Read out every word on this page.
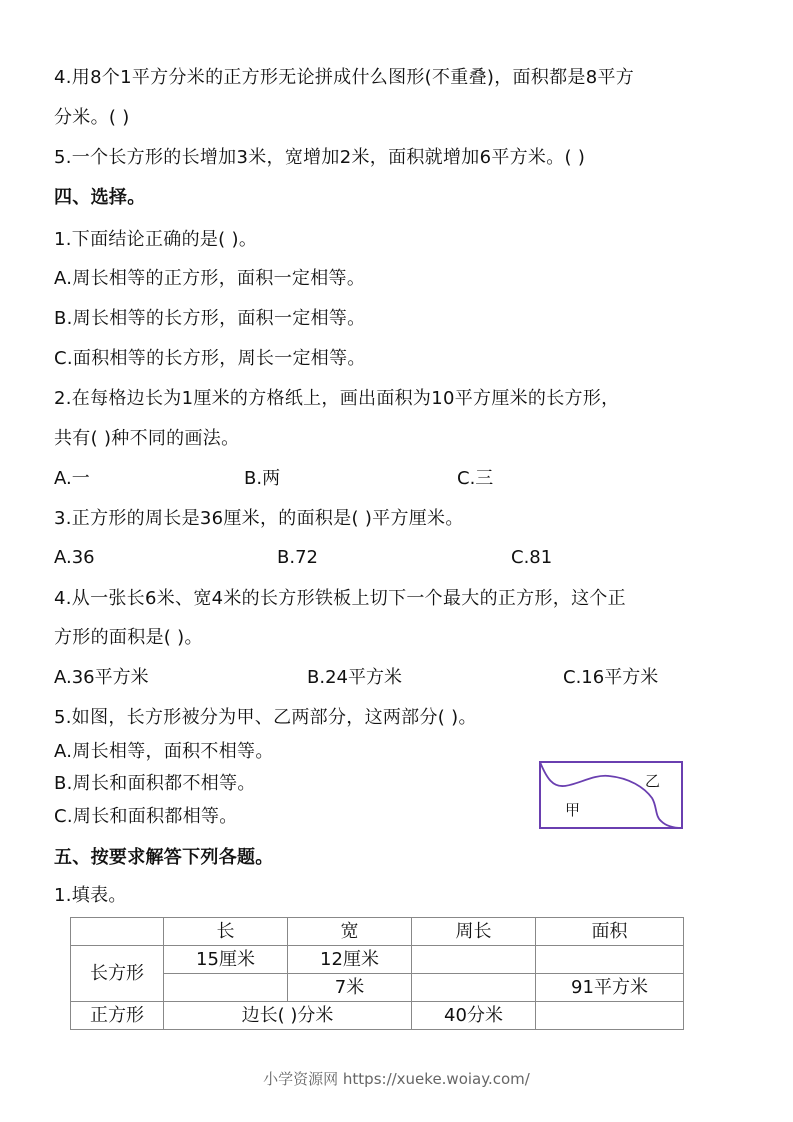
4.用8个1平方分米的正方形无论拼成什么图形(不重叠)，面积都是8平方
分米。( )
5.一个长方形的长增加3米，宽增加2米，面积就增加6平方米。( )
四、选择。
1.下面结论正确的是( )。
A.周长相等的正方形，面积一定相等。
B.周长相等的长方形，面积一定相等。
C.面积相等的长方形，周长一定相等。
2.在每格边长为1厘米的方格纸上，画出面积为10平方厘米的长方形，
共有( )种不同的画法。
A.一	B.两	C.三
3.正方形的周长是36厘米，的面积是( )平方厘米。
A.36	B.72	C.81
4.从一张长6米、宽4米的长方形铁板上切下一个最大的正方形，这个正
方形的面积是( )。
A.36平方米	B.24平方米	C.16平方米
5.如图，长方形被分为甲、乙两部分，这两部分( )。
A.周长相等，面积不相等。
B.周长和面积都不相等。
C.周长和面积都相等。	甲
乙
五、按要求解答下列各题。
1.填表。
	长	宽	周长	面积
长方形	15厘米	12厘米		
		7米		91平方米
正方形	边长( )分米		40分米	
小学资源网 https://xueke.woiay.com/
